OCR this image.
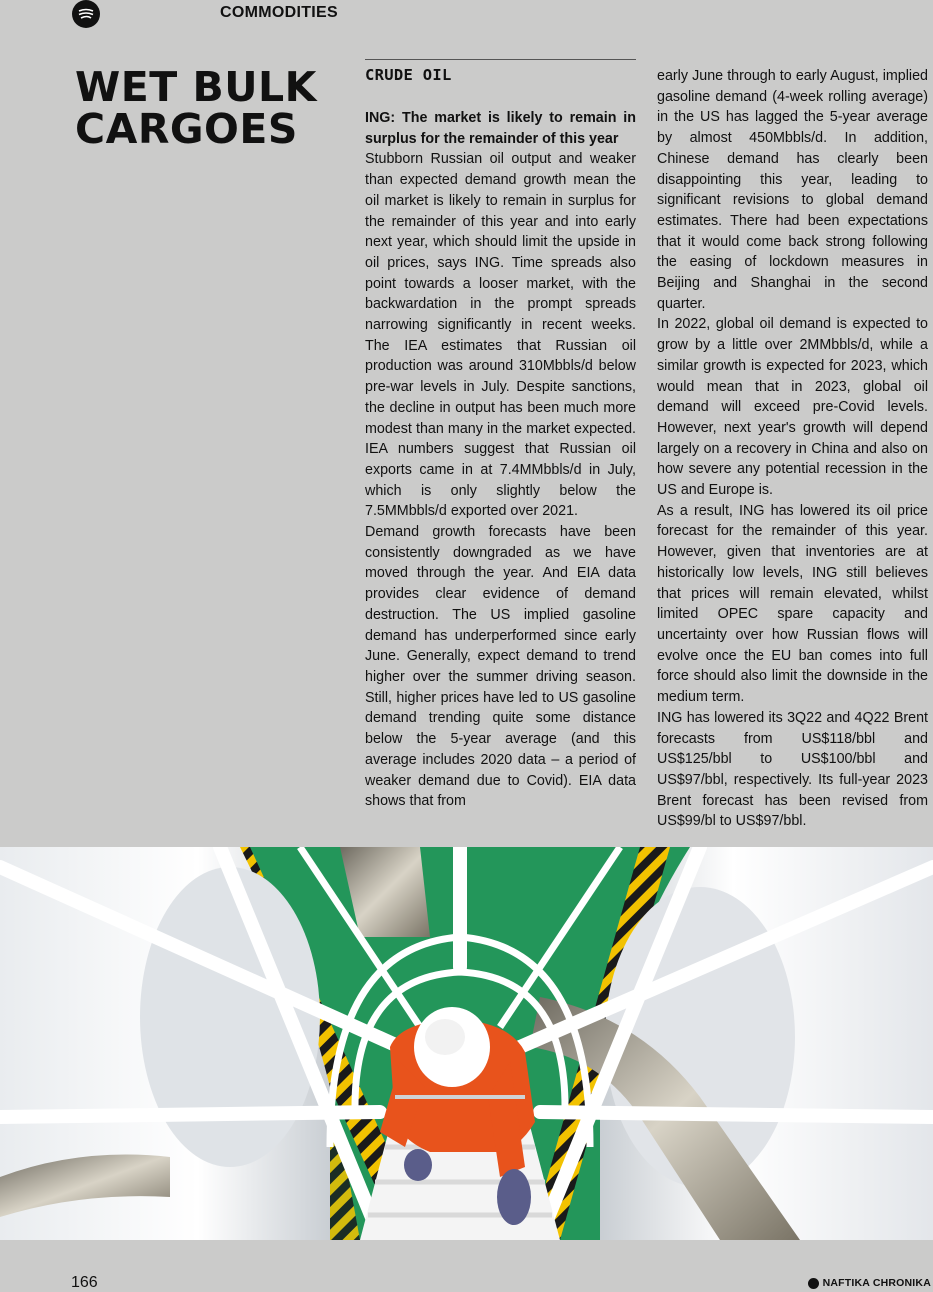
COMMODITIES
WET BULK CARGOES
CRUDE OIL

ING: The market is likely to remain in surplus for the remainder of this year

Stubborn Russian oil output and weaker than expected demand growth mean the oil market is likely to remain in surplus for the remainder of this year and into early next year, which should limit the upside in oil prices, says ING. Time spreads also point towards a looser market, with the backwardation in the prompt spreads narrowing significantly in recent weeks. The IEA estimates that Russian oil production was around 310Mbbls/d below pre-war levels in July. Despite sanctions, the decline in output has been much more modest than many in the market expected. IEA numbers suggest that Russian oil exports came in at 7.4MMbbls/d in July, which is only slightly below the 7.5MMbbls/d exported over 2021.

Demand growth forecasts have been consistently downgraded as we have moved through the year. And EIA data provides clear evidence of demand destruction. The US implied gasoline demand has underperformed since early June. Generally, expect demand to trend higher over the summer driving season. Still, higher prices have led to US gasoline demand trending quite some distance below the 5-year average (and this average includes 2020 data – a period of weaker demand due to Covid). EIA data shows that from

early June through to early August, implied gasoline demand (4-week rolling average) in the US has lagged the 5-year average by almost 450Mbbls/d. In addition, Chinese demand has clearly been disappointing this year, leading to significant revisions to global demand estimates. There had been expectations that it would come back strong following the easing of lockdown measures in Beijing and Shanghai in the second quarter.

In 2022, global oil demand is expected to grow by a little over 2MMbbls/d, while a similar growth is expected for 2023, which would mean that in 2023, global oil demand will exceed pre-Covid levels. However, next year's growth will depend largely on a recovery in China and also on how severe any potential recession in the US and Europe is.

As a result, ING has lowered its oil price forecast for the remainder of this year. However, given that inventories are at historically low levels, ING still believes that prices will remain elevated, whilst limited OPEC spare capacity and uncertainty over how Russian flows will evolve once the EU ban comes into full force should also limit the downside in the medium term.

ING has lowered its 3Q22 and 4Q22 Brent forecasts from US$118/bbl and US$125/bbl to US$100/bbl and US$97/bbl, respectively. Its full-year 2023 Brent forecast has been revised from US$99/bl to US$97/bbl.

166	NAFTIKA CHRONIKA
